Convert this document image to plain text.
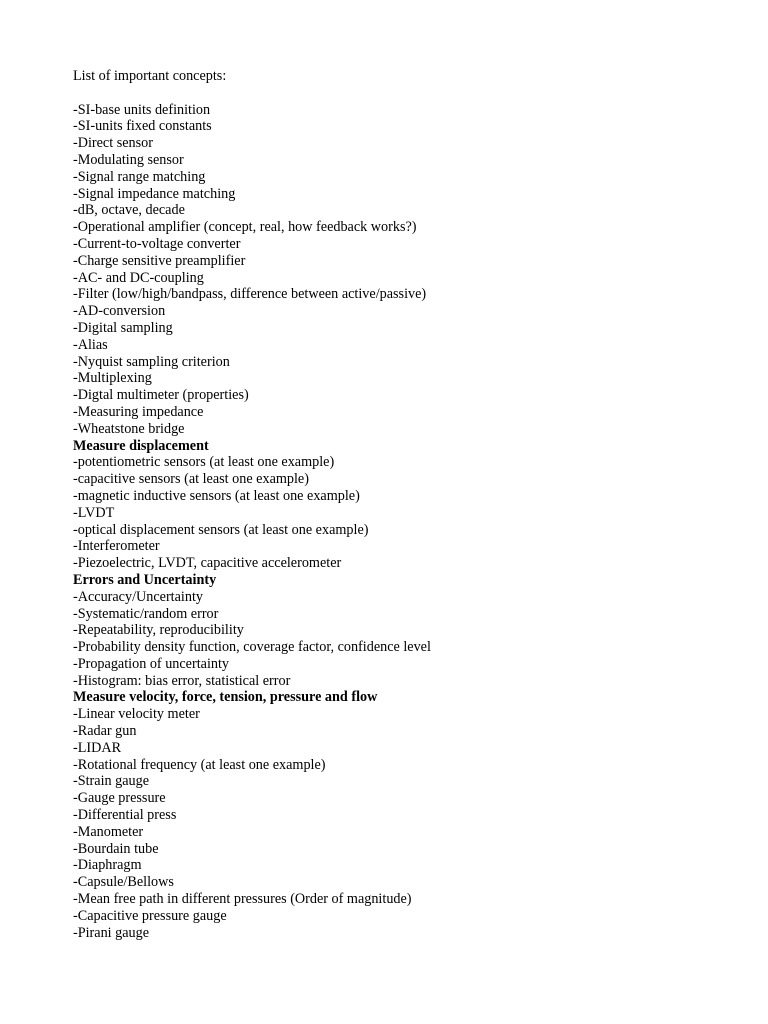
List of important concepts:

-SI-base units definition
-SI-units fixed constants
-Direct sensor
-Modulating sensor
-Signal range matching
-Signal impedance matching
-dB, octave, decade
-Operational amplifier (concept, real, how feedback works?)
-Current-to-voltage converter
-Charge sensitive preamplifier
-AC- and DC-coupling
-Filter (low/high/bandpass, difference between active/passive)
-AD-conversion
-Digital sampling
-Alias
-Nyquist sampling criterion
-Multiplexing
-Digtal multimeter (properties)
-Measuring impedance
-Wheatstone bridge
Measure displacement
-potentiometric sensors (at least one example)
-capacitive sensors (at least one example)
-magnetic inductive sensors (at least one example)
-LVDT
-optical displacement sensors (at least one example)
-Interferometer
-Piezoelectric, LVDT, capacitive accelerometer
Errors and Uncertainty
-Accuracy/Uncertainty
-Systematic/random error
-Repeatability, reproducibility
-Probability density function, coverage factor, confidence level
-Propagation of uncertainty
-Histogram: bias error, statistical error
Measure velocity, force, tension, pressure and flow
-Linear velocity meter
-Radar gun
-LIDAR
-Rotational frequency (at least one example)
-Strain gauge
-Gauge pressure
-Differential press
-Manometer
-Bourdain tube
-Diaphragm
-Capsule/Bellows
-Mean free path in different pressures (Order of magnitude)
-Capacitive pressure gauge
-Pirani gauge
